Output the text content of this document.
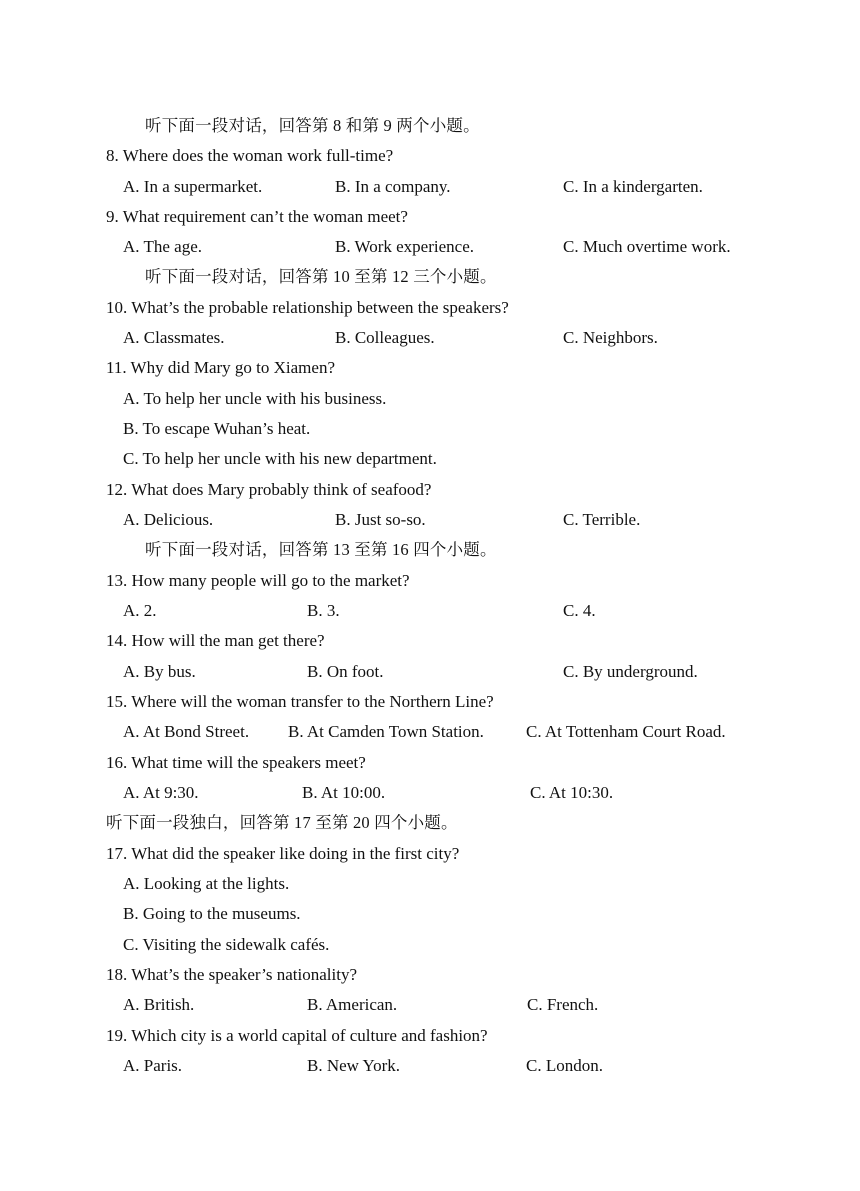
听下面一段对话，回答第 8 和第 9 两个小题。
8. Where does the woman work full-time?
A. In a supermarket.	B. In a company.	C. In a kindergarten.
9. What requirement can’t the woman meet?
A. The age.	B. Work experience.	C. Much overtime work.
听下面一段对话，回答第 10 至第 12 三个小题。
10. What’s the probable relationship between the speakers?
A. Classmates.	B. Colleagues.	C. Neighbors.
11. Why did Mary go to Xiamen?
A. To help her uncle with his business.
B. To escape Wuhan’s heat.
C. To help her uncle with his new department.
12. What does Mary probably think of seafood?
A. Delicious.	B. Just so-so.	C. Terrible.
听下面一段对话，回答第 13 至第 16 四个小题。
13. How many people will go to the market?
A. 2.	B. 3.	C. 4.
14. How will the man get there?
A. By bus.	B. On foot.	C. By underground.
15. Where will the woman transfer to the Northern Line?
A. At Bond Street. B. At Camden Town Station. C. At Tottenham Court Road.
16. What time will the speakers meet?
A. At 9:30.	B. At 10:00.	C. At 10:30.
听下面一段独白，回答第 17 至第 20 四个小题。
17. What did the speaker like doing in the first city?
A. Looking at the lights.
B. Going to the museums.
C. Visiting the sidewalk cafés.
18. What’s the speaker’s nationality?
A. British.	B. American.	C. French.
19. Which city is a world capital of culture and fashion?
A. Paris.	B. New York.	C. London.
